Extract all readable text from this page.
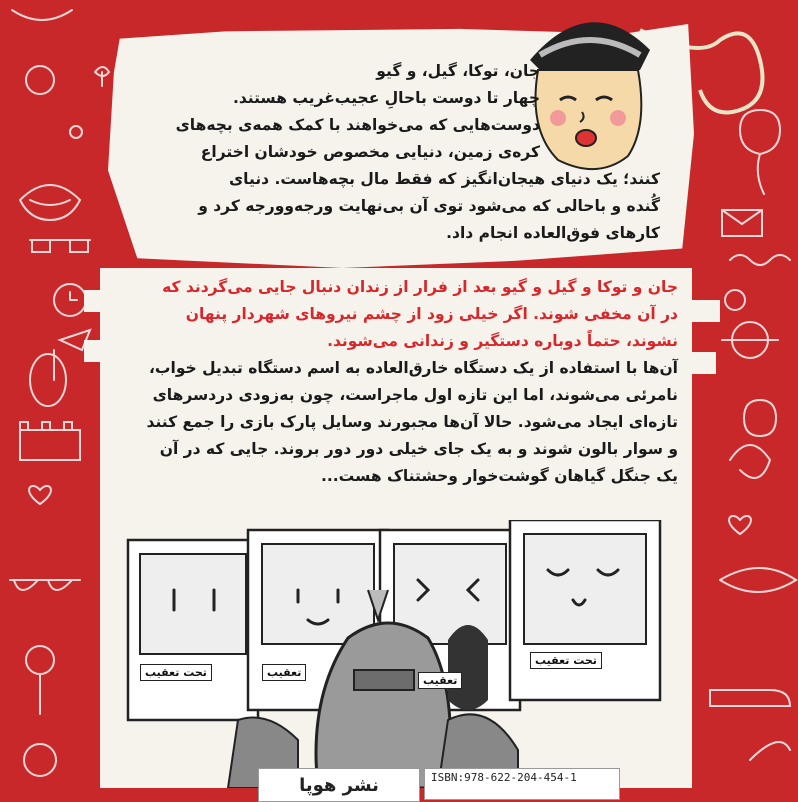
جان، توکا، گیل، و گیو

چهار تا دوست باحالِ عجیب‌غریب هستند.

دوست‌هایی که می‌خواهند با کمک همه‌ی بچه‌های

کره‌ی زمین، دنیایی مخصوص خودشان اختراع

کنند؛ یک دنیای هیجان‌انگیز که فقط مال بچه‌هاست. دنیای

گُنده و باحالی که می‌شود توی آن بی‌نهایت ورجه‌وورجه کرد و

کارهای فوق‌العاده انجام داد.

جان و توکا و گیل و گیو بعد از فرار از زندان دنبال جایی می‌گردند که

در آن مخفی شوند. اگر خیلی زود از چشم نیروهای شهردار پنهان

نشوند، حتماً دوباره دستگیر و زندانی می‌شوند.

آن‌ها با استفاده از یک دستگاه خارق‌العاده به اسم دستگاه تبدیل خواب،

نامرئی می‌شوند، اما این تازه اول ماجراست، چون به‌زودی دردسرهای

تازه‌ای ایجاد می‌شود. حالا آن‌ها مجبورند وسایل پارک بازی را جمع کنند

و سوار بالون شوند و به یک جای خیلی دور دور بروند. جایی که در آن

یک جنگل گیاهان گوشت‌خوار وحشتناک هست...

تحت تعقیب	تعقیب
تعقیب
تحت تعقیب
نشر هوپا	ISBN:978-622-204-454-1
